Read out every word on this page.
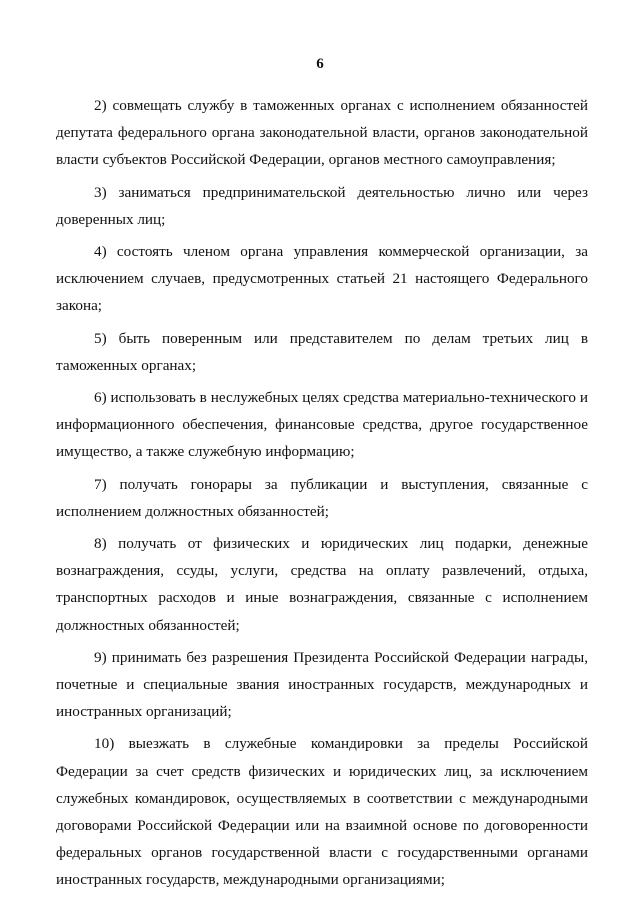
6

2) совмещать службу в таможенных органах с исполнением обязанностей депутата федерального органа законодательной власти, органов законодательной власти субъектов Российской Федерации, органов местного самоуправления;

3) заниматься предпринимательской деятельностью лично или через доверенных лиц;

4) состоять членом органа управления коммерческой организации, за исключением случаев, предусмотренных статьей 21 настоящего Федерального закона;

5) быть поверенным или представителем по делам третьих лиц в таможенных органах;

6) использовать в неслужебных целях средства материально-технического и информационного обеспечения, финансовые средства, другое государственное имущество, а также служебную информацию;

7) получать гонорары за публикации и выступления, связанные с исполнением должностных обязанностей;

8) получать от физических и юридических лиц подарки, денежные вознаграждения, ссуды, услуги, средства на оплату развлечений, отдыха, транспортных расходов и иные вознаграждения, связанные с исполнением должностных обязанностей;

9) принимать без разрешения Президента Российской Федерации награды, почетные и специальные звания иностранных государств, международных и иностранных организаций;

10) выезжать в служебные командировки за пределы Российской Федерации за счет средств физических и юридических лиц, за исключением служебных командировок, осуществляемых в соответствии с международными договорами Российской Федерации или на взаимной основе по договоренности федеральных органов государственной власти с государственными органами иностранных государств, международными организациями;
